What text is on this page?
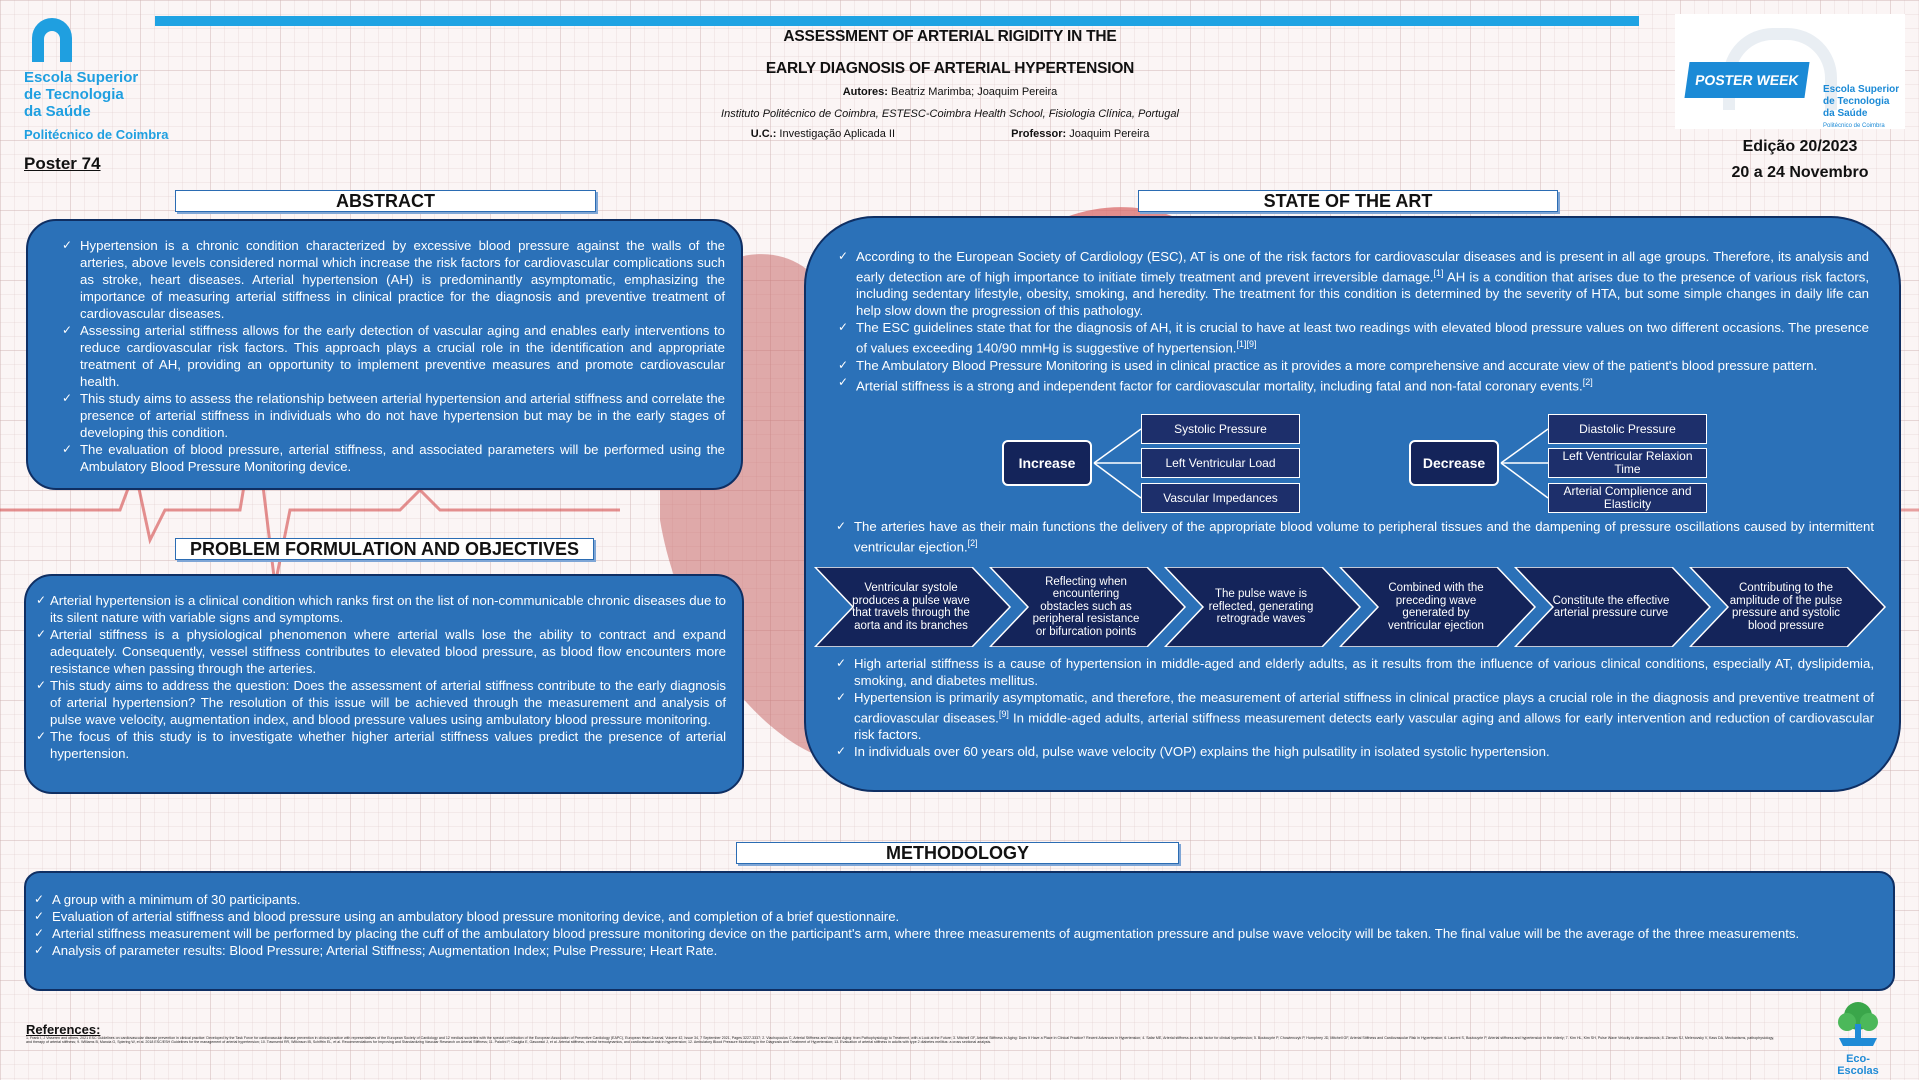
Escola Superior
de Tecnologia
da Saúde
Politécnico de Coimbra
Poster 74
ASSESSMENT OF ARTERIAL RIGIDITY IN THE
EARLY DIAGNOSIS OF ARTERIAL HYPERTENSION
Autores: Beatriz Marimba; Joaquim Pereira
Instituto Politécnico de Coimbra, ESTESC-Coimbra Health School, Fisiologia Clínica, Portugal
U.C.: Investigação Aplicada II	Professor: Joaquim Pereira
POSTER WEEK
Escola Superior
de Tecnologia
da Saúde
Politécnico de Coimbra
Edição 20/2023
20 a 24 Novembro
ABSTRACT
✓ Hypertension is a chronic condition characterized by excessive blood pressure against the walls of the arteries, above levels considered normal which increase the risk factors for cardiovascular complications such as stroke, heart diseases. Arterial hypertension (AH) is predominantly asymptomatic, emphasizing the importance of measuring arterial stiffness in clinical practice for the diagnosis and preventive treatment of cardiovascular diseases.
✓ Assessing arterial stiffness allows for the early detection of vascular aging and enables early interventions to reduce cardiovascular risk factors. This approach plays a crucial role in the identification and appropriate treatment of AH, providing an opportunity to implement preventive measures and promote cardiovascular health.
✓ This study aims to assess the relationship between arterial hypertension and arterial stiffness and correlate the presence of arterial stiffness in individuals who do not have hypertension but may be in the early stages of developing this condition.
✓ The evaluation of blood pressure, arterial stiffness, and associated parameters will be performed using the Ambulatory Blood Pressure Monitoring device.
PROBLEM FORMULATION AND OBJECTIVES
✓ Arterial hypertension is a clinical condition which ranks first on the list of non-communicable chronic diseases due to its silent nature with variable signs and symptoms.
✓ Arterial stiffness is a physiological phenomenon where arterial walls lose the ability to contract and expand adequately. Consequently, vessel stiffness contributes to elevated blood pressure, as blood flow encounters more resistance when passing through the arteries.
✓ This study aims to address the question: Does the assessment of arterial stiffness contribute to the early diagnosis of arterial hypertension? The resolution of this issue will be achieved through the measurement and analysis of pulse wave velocity, augmentation index, and blood pressure values using ambulatory blood pressure monitoring.
✓ The focus of this study is to investigate whether higher arterial stiffness values predict the presence of arterial hypertension.
STATE OF THE ART
✓ According to the European Society of Cardiology (ESC), AT is one of the risk factors for cardiovascular diseases and is present in all age groups. Therefore, its analysis and early detection are of high importance to initiate timely treatment and prevent irreversible damage.[1] AH is a condition that arises due to the presence of various risk factors, including sedentary lifestyle, obesity, smoking, and heredity. The treatment for this condition is determined by the severity of HTA, but some simple changes in daily life can help slow down the progression of this pathology.
✓ The ESC guidelines state that for the diagnosis of AH, it is crucial to have at least two readings with elevated blood pressure values on two different occasions. The presence of values exceeding 140/90 mmHg is suggestive of hypertension.[1][9]
✓ The Ambulatory Blood Pressure Monitoring is used in clinical practice as it provides a more comprehensive and accurate view of the patient's blood pressure pattern.
✓ Arterial stiffness is a strong and independent factor for cardiovascular mortality, including fatal and non-fatal coronary events.[2]
Increase
Systolic Pressure
Left Ventricular Load
Vascular Impedances
Decrease
Diastolic Pressure
Left Ventricular Relaxion Time
Arterial Complience and Elasticity
✓ The arteries have as their main functions the delivery of the appropriate blood volume to peripheral tissues and the dampening of pressure oscillations caused by intermittent ventricular ejection.[2]
Ventricular systole produces a pulse wave that travels through the aorta and its branches
Reflecting when encountering obstacles such as peripheral resistance or bifurcation points
The pulse wave is reflected, generating retrograde waves
Combined with the preceding wave generated by ventricular ejection
Constitute the effective arterial pressure curve
Contributing to the amplitude of the pulse pressure and systolic blood pressure
✓ High arterial stiffness is a cause of hypertension in middle-aged and elderly adults, as it results from the influence of various clinical conditions, especially AT, dyslipidemia, smoking, and diabetes mellitus.
✓ Hypertension is primarily asymptomatic, and therefore, the measurement of arterial stiffness in clinical practice plays a crucial role in the diagnosis and preventive treatment of cardiovascular diseases.[9] In middle-aged adults, arterial stiffness measurement detects early vascular aging and allows for early intervention and reduction of cardiovascular risk factors.
✓ In individuals over 60 years old, pulse wave velocity (VOP) explains the high pulsatility in isolated systolic hypertension.
METHODOLOGY
✓ A group with a minimum of 30 participants.
✓ Evaluation of arterial stiffness and blood pressure using an ambulatory blood pressure monitoring device, and completion of a brief questionnaire.
✓ Arterial stiffness measurement will be performed by placing the cuff of the ambulatory blood pressure monitoring device on the participant's arm, where three measurements of augmentation pressure and pulse wave velocity will be taken. The final value will be the average of the three measurements.
✓ Analysis of parameter results: Blood Pressure; Arterial Stiffness; Augmentation Index; Pulse Pressure; Heart Rate.
References:
1. Frank I, J Visseren and others, 2021 ESC Guidelines on cardiovascular disease prevention in clinical practice: Developed by the Task Force for cardiovascular disease prevention in clinical practice with representatives of the European Society of Cardiology and 12 medical societies with the special contribution of the European Association of Preventive Cardiology (EAPC), European Heart Journal, Volume 42, Issue 34, 7 September 2021, Pages 3227-3337; 2. Vlachopoulos C, Arterial Stiffness and Vascular Aging: from Pathophysiology to Treatment, with a Look at the Future; 3. Mitchell GF, Arterial Stiffness in Aging: Does It Have a Place in Clinical Practice? Recent Advances in Hypertension; 4. Safar ME, Arterial stiffness as a risk factor for clinical hypertension; 5. Boutouyrie P, Chowienczyk P, Humphrey JD, Mitchell GF, Arterial Stiffness and Cardiovascular Risk in Hypertension; 6. Laurent S, Boutouyrie P, Arterial stiffness and hypertension in the elderly; 7. Kim HL, Kim SH, Pulse Wave Velocity in Atherosclerosis; 8. Zieman SJ, Melenovsky V, Kass DA, Mechanisms, pathophysiology, and therapy of arterial stiffness; 9. Williams B, Mancia G, Spiering W, et al. 2018 ESC/ESH Guidelines for the management of arterial hypertension; 10. Townsend RR, Wilkinson IB, Schiffrin EL, et al. Recommendations for Improving and Standardizing Vascular Research on Arterial Stiffness; 11. Palatini P, Casiglia E, Gasowski J, et al. Arterial stiffness, central hemodynamics, and cardiovascular risk in hypertension; 12. Ambulatory Blood Pressure Monitoring in the Diagnosis and Treatment of Hypertension; 13. Evaluation of arterial stiffness in adults with type 2 diabetes mellitus: a cross sectional analysis.
Eco-Escolas
